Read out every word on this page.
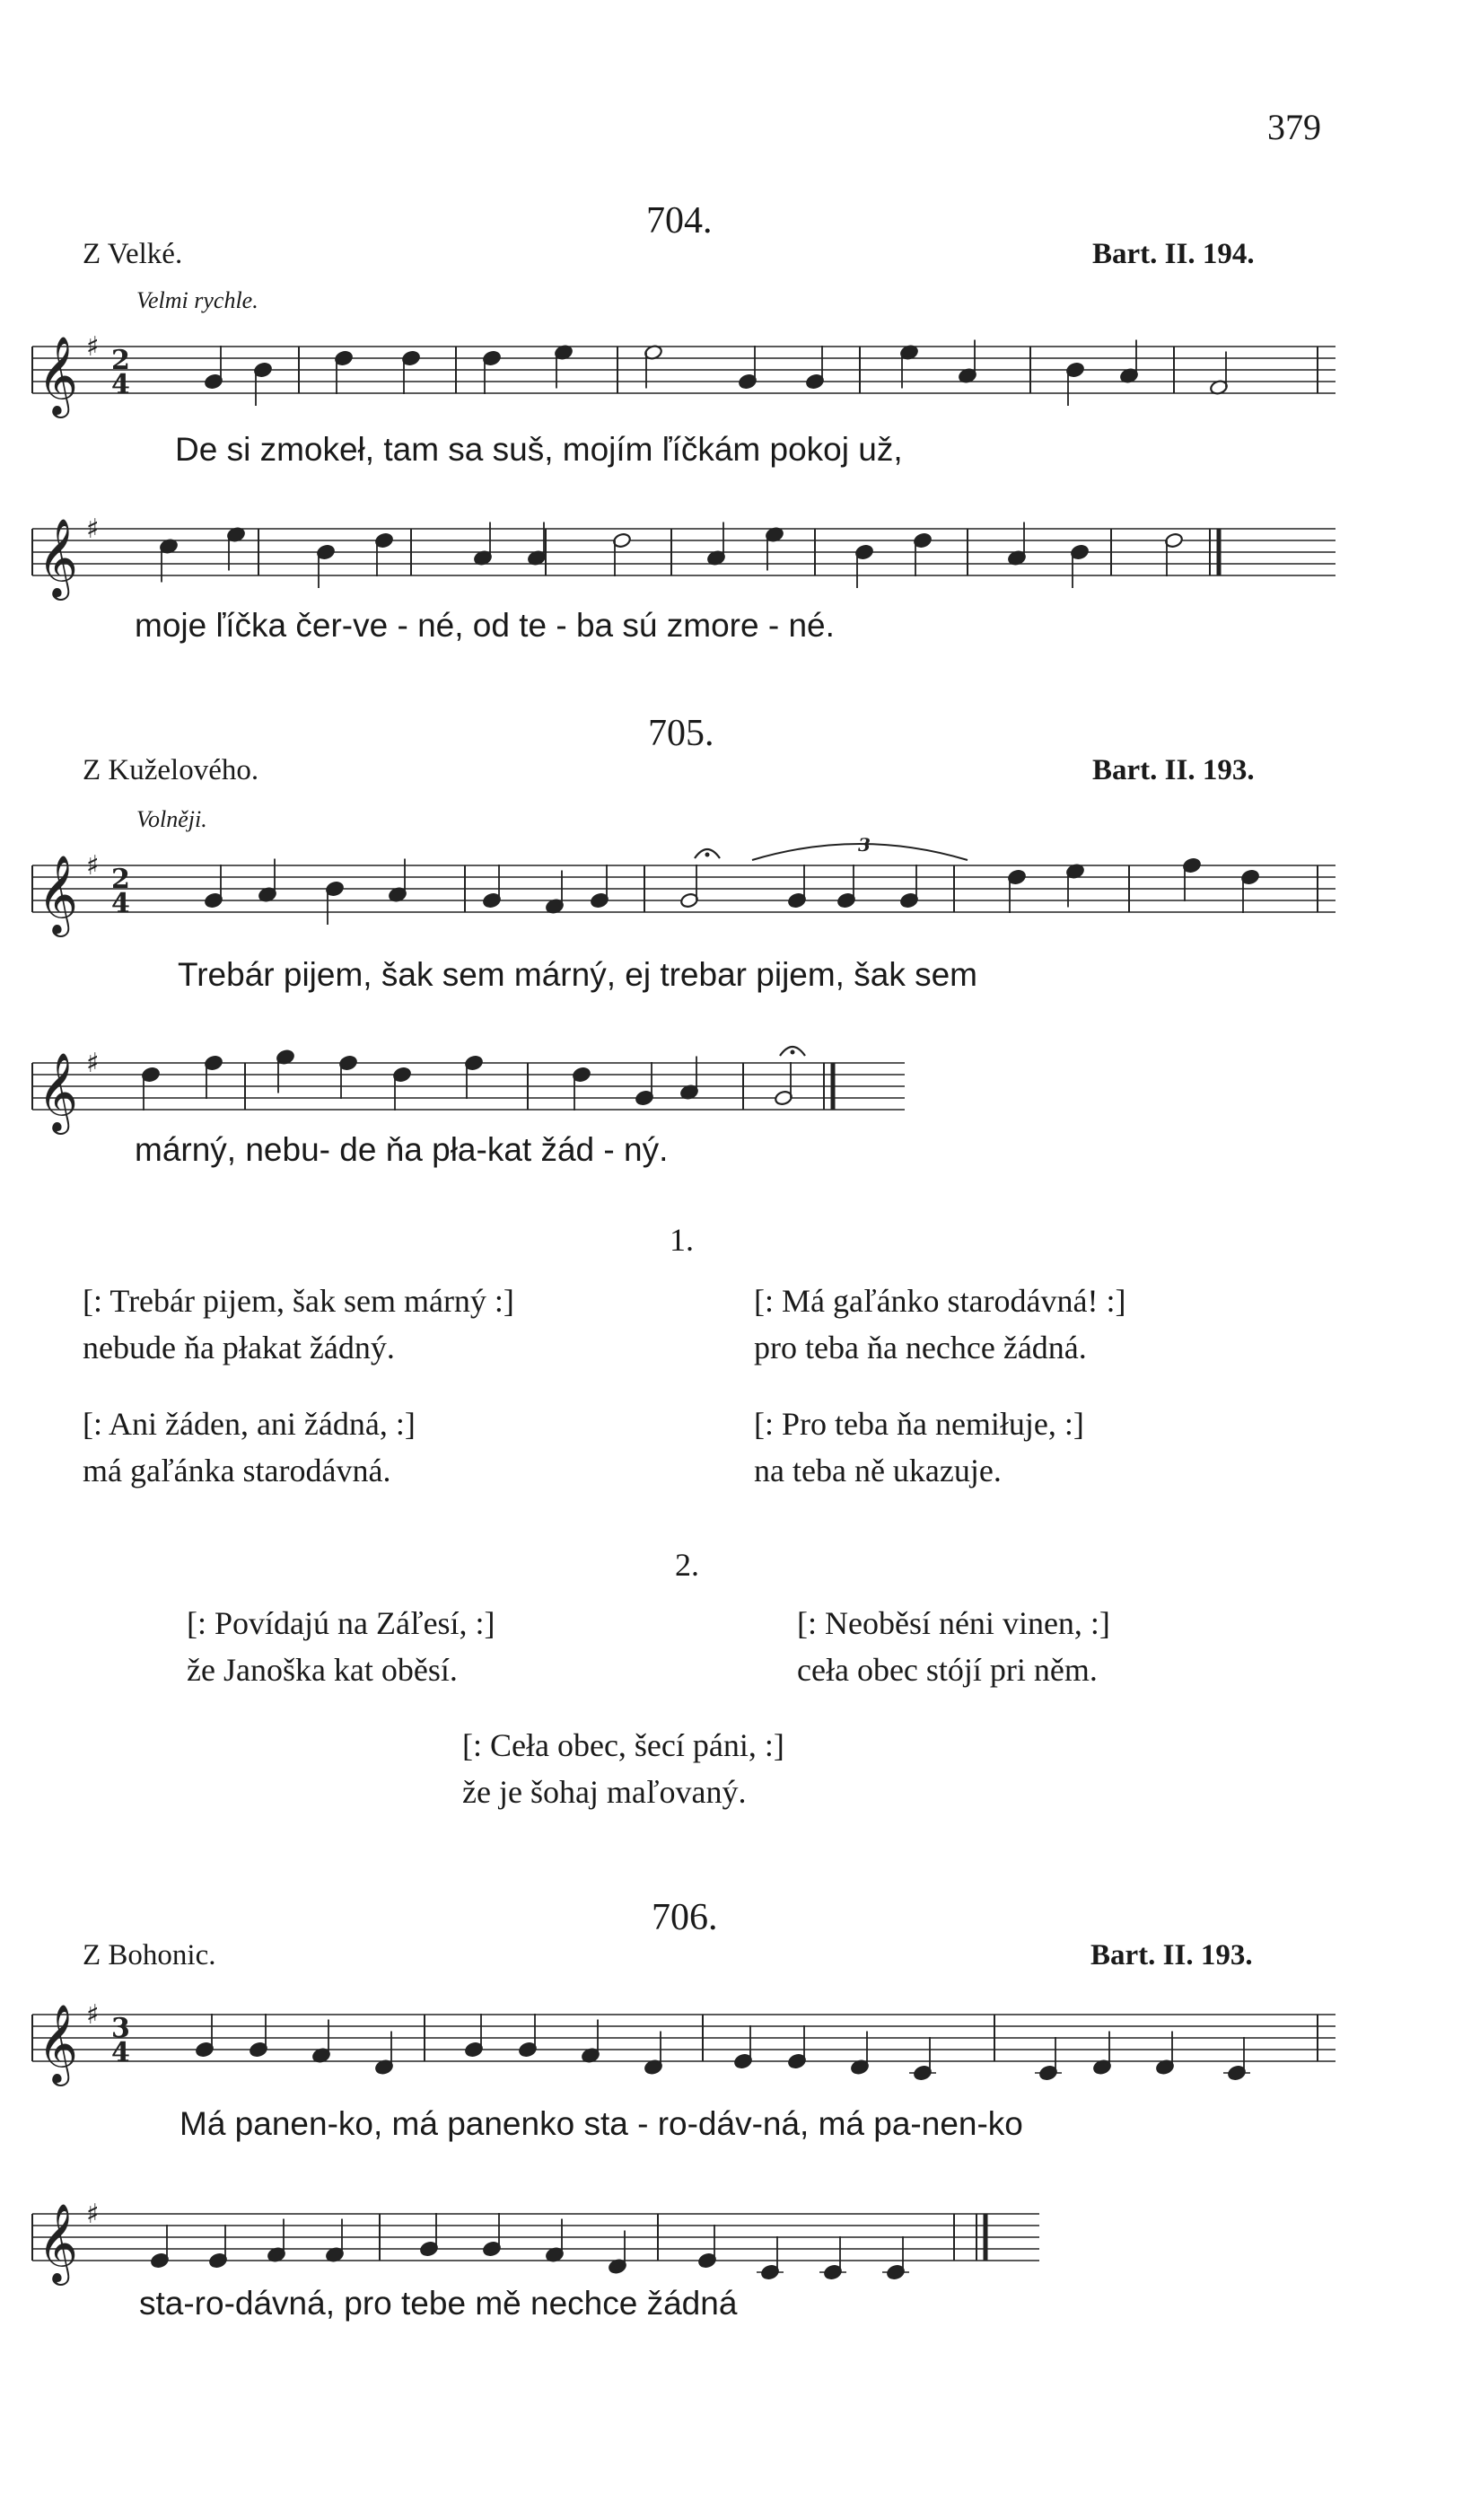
379
704.
Z Velké.	Bart. II. 194.
Velmi rychle.
𝄞 ♯ 2
4
De si zmokeł, tam sa suš, mojím ľíčkám pokoj už,
𝄞 ♯
moje ľíčka čer-ve - né, od te - ba sú zmore - né.
705.
Z Kuželového.	Bart. II. 193.
Volněji.
𝄞 ♯ 2
4
3
Trebár pijem, šak sem márný, ej trebar pijem, šak sem
𝄞 ♯
márný, nebu- de ňa pła-kat žád - ný.
1.
[: Trebár pijem, šak sem márný :]
nebude ňa płakat žádný.
[: Ani žáden, ani žádná, :]
má gaľánka starodávná.
[: Má gaľánko starodávná! :]
pro teba ňa nechce žádná.
[: Pro teba ňa nemiłuje, :]
na teba ně ukazuje.
2.
[: Povídajú na Záľesí, :]
že Janoška kat oběsí.
[: Neoběsí néni vinen, :]
ceła obec stójí pri něm.
[: Ceła obec, šecí páni, :]
že je šohaj maľovaný.
706.
Z Bohonic.	Bart. II. 193.
𝄞 ♯ 3
4
Má panen-ko, má panenko sta - ro-dáv-ná, má pa-nen-ko
𝄞 ♯
sta-ro-dávná, pro tebe mě nechce žádná
